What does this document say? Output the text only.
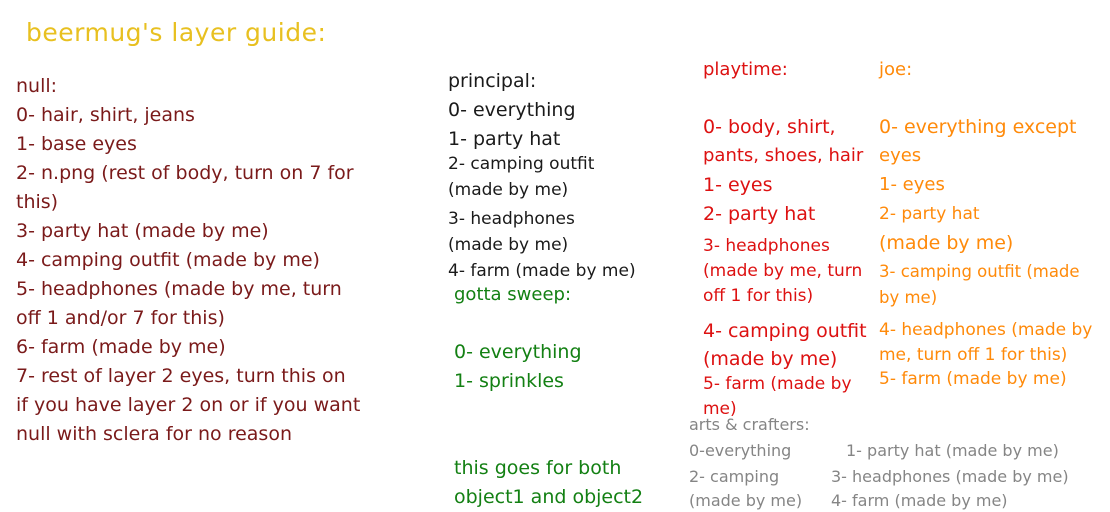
beermug's layer guide:
null:
0- hair, shirt, jeans
1- base eyes
2- n.png (rest of body, turn on 7 for
this)
3- party hat (made by me)
4- camping outfit (made by me)
5- headphones (made by me, turn
off 1 and/or 7 for this)
6- farm (made by me)
7- rest of layer 2 eyes, turn this on
if you have layer 2 on or if you want
null with sclera for no reason
principal:
0- everything
1- party hat
2- camping outfit
(made by me)
3- headphones
(made by me)
4- farm (made by me)
gotta sweep:
0- everything
1- sprinkles
this goes for both
object1 and object2
playtime:
0- body, shirt,
pants, shoes, hair
1- eyes
2- party hat
3- headphones
(made by me, turn
off 1 for this)
4- camping outfit
(made by me)
5- farm (made by
me)
joe:
0- everything except
eyes
1- eyes
2- party hat
(made by me)
3- camping outfit (made
by me)
4- headphones (made by
me, turn off 1 for this)
5- farm (made by me)
arts & crafters:
0-everything	1- party hat (made by me)
2- camping	3- headphones (made by me)
(made by me) 4- farm (made by me)
